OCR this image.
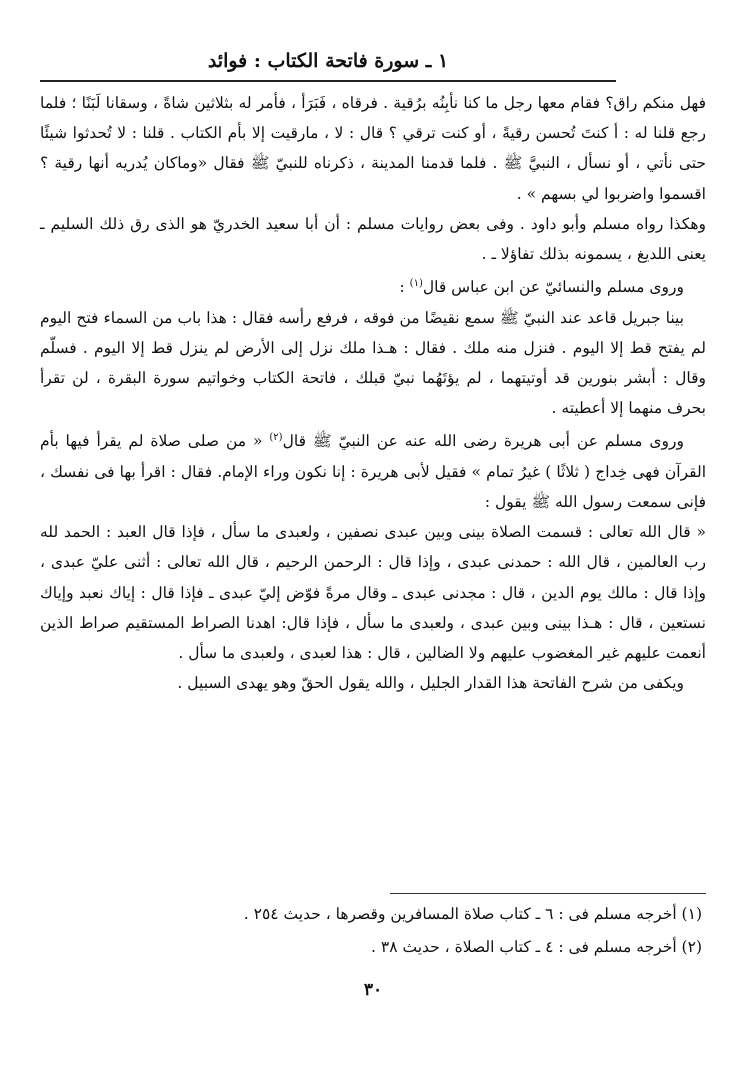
١ ـ سورة فاتحة الكتاب : فوائد

فهل منكم راق؟ فقام معها رجل ما كنا نأبِنُه برُقية . فرقاه ، فَبَرَأ ، فأمر له بثلاثين شاةً ، وسقانا لَبَنًا ؛ فلما رجع قلنا له : أ كنتَ تُحسن رقيةً ، أو كنت ترقي ؟ قال : لا ، مارقيت إلا بأم الكتاب . قلنا : لا تُحدثوا شيئًا حتى نأتي ، أو نسأل ، النبيَّ ﷺ . فلما قدمنا المدينة ، ذكرناه للنبيّ ﷺ فقال «وماكان يُدريه أنها رقية ؟ اقسموا واضربوا لي بسهم » .

وهكذا رواه مسلم وأبو داود . وفى بعض روايات مسلم : أن أبا سعيد الخدريّ هو الذى رق ذلك السليم ـ يعنى اللديغ ، يسمونه بذلك تفاؤلا ـ .

وروى مسلم والنسائيّ عن ابن عباس قال$^{(١)}$ :

بينا جبريل قاعد عند النبيّ ﷺ سمع نقيضًا من فوقه ، فرفع رأسه فقال : هذا باب من السماء فتح اليوم لم يفتح قط إلا اليوم . فنزل منه ملك . فقال : هـذا ملك نزل إلى الأرض لم ينزل قط إلا اليوم . فسلّم وقال : أبشر بنورين قد أوتيتهما ، لم يؤتَهُما نبيّ قبلك ، فاتحة الكتاب وخواتيم سورة البقرة ، لن تقرأ بحرف منهما إلا أعطيته .

وروى مسلم عن أبى هريرة رضى الله عنه عن النبيّ ﷺ قال$^{(٢)}$ « من صلى صلاة لم يقرأ فيها بأم القرآن فهى خِداج ( ثلاثًا ) غيرُ تمام » فقيل لأبى هريرة : إنا نكون وراء الإمام. فقال : اقرأ بها فى نفسك ، فإنى سمعت رسول الله ﷺ يقول :

« قال الله تعالى : قسمت الصلاة بينى وبين عبدى نصفين ، ولعبدى ما سأل ، فإذا قال العبد : الحمد لله رب العالمين ، قال الله : حمدنى عبدى ، وإذا قال : الرحمن الرحيم ، قال الله تعالى : أثنى عليّ عبدى ، وإذا قال : مالك يوم الدين ، قال : مجدنى عبدى ـ وقال مرةً فوّض إليّ عبدى ـ فإذا قال : إياك نعبد وإياك نستعين ، قال : هـذا بينى وبين عبدى ، ولعبدى ما سأل ، فإذا قال: اهدنا الصراط المستقيم صراط الذين أنعمت عليهم غير المغضوب عليهم ولا الضالين ، قال : هذا لعبدى ، ولعبدى ما سأل .

ويكفى من شرح الفاتحة هذا القدار الجليل ، والله يقول الحقّ وهو يهدى السبيل .

(١) أخرجه مسلم فى : ٦ ـ كتاب صلاة المسافرين وقصرها ، حديث ٢٥٤ .

(٢) أخرجه مسلم فى : ٤ ـ كتاب الصلاة ، حديث ٣٨ .

٣٠
